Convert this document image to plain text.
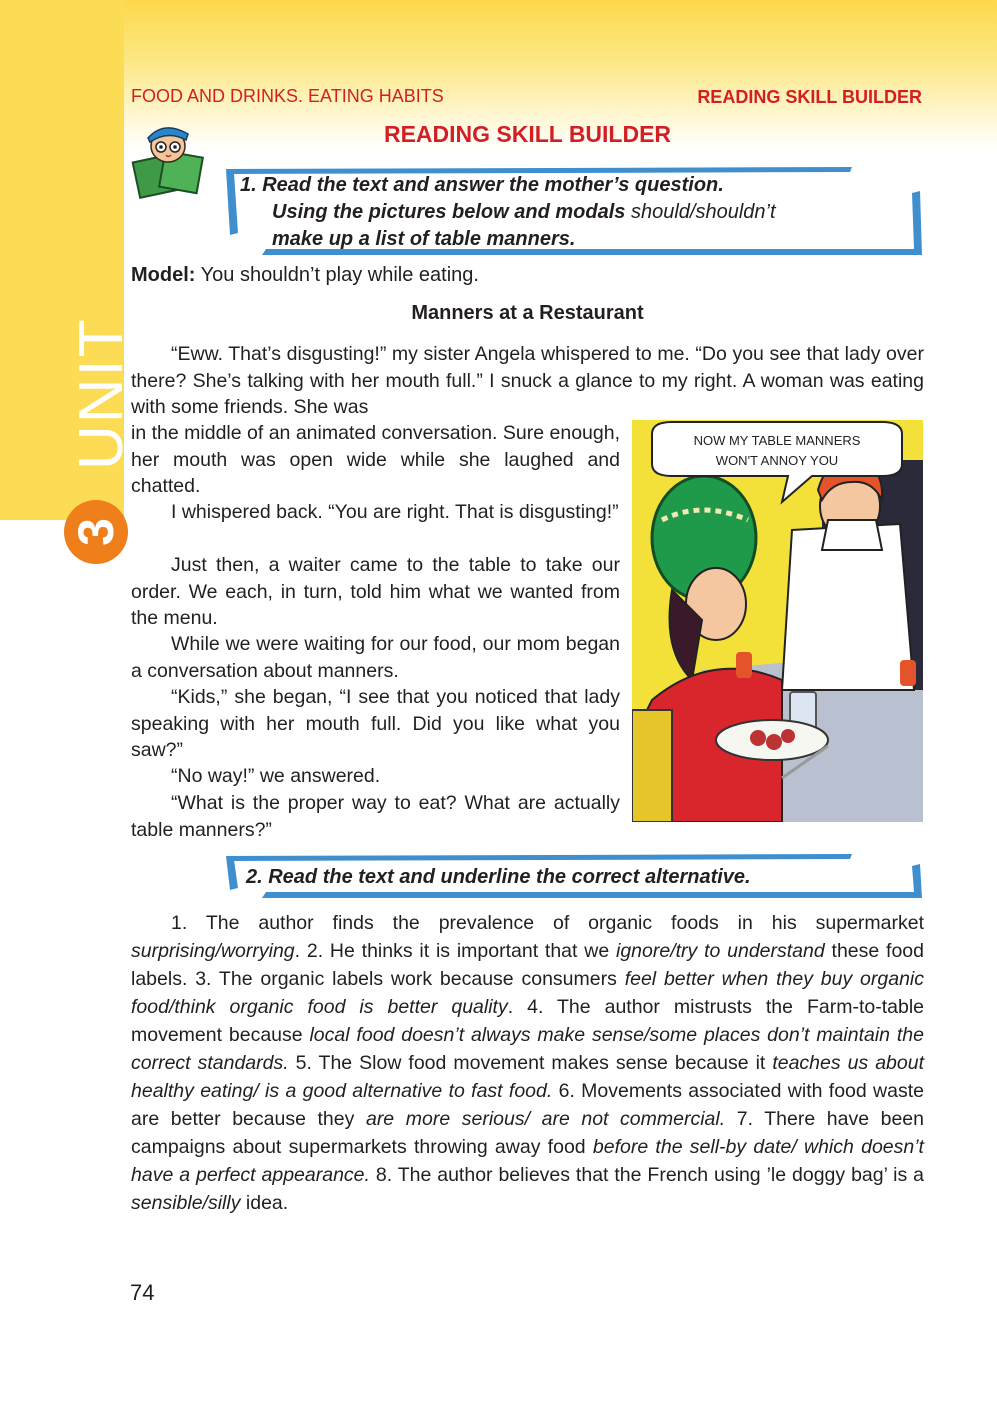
UNIT
3
FOOD AND DRINKS. EATING HABITS	READING SKILL BUILDER
READING SKILL BUILDER
1. Read the text and answer the mother’s question.
Using the pictures below and modals should/shouldn’t
make up a list of table manners.
Model: You shouldn’t play while eating.
Manners at a Restaurant
“Eww. That’s disgusting!” my sister Angela whispered to me. “Do you see that lady over there? She’s talking with her mouth full.” I snuck a glance to my right. A woman was eating with some friends. She was
in the middle of an animated conversation. Sure enough, her mouth was open wide while she laughed and chatted.
I whispered back. “You are right. That is disgusting!”
Just then, a waiter came to the table to take our order. We each, in turn, told him what we wanted from the menu.
While we were waiting for our food, our mom began a conversation about manners.
“Kids,” she began, “I see that you noticed that lady speaking with her mouth full. Did you like what you saw?”
“No way!” we answered.
“What is the proper way to eat? What are actually table manners?”
NOW MY TABLE MANNERS
WON'T ANNOY YOU
2. Read the text and underline the correct alternative.
1. The author finds the prevalence of organic foods in his supermarket surprising/worrying. 2. He thinks it is important that we ignore/try to understand these food labels. 3. The organic labels work because consumers feel better when they buy organic food/think organic food is better quality. 4. The author mistrusts the Farm-to-table movement because local food doesn’t always make sense/some places don’t maintain the correct standards. 5. The Slow food movement makes sense because it teaches us about healthy eating/ is a good alternative to fast food. 6. Movements associated with food waste are better because they are more serious/ are not commercial. 7. There have been campaigns about supermarkets throwing away food before the sell-by date/ which doesn’t have a perfect appearance. 8. The author believes that the French using ’le doggy bag’ is a sensible/silly idea.
74
